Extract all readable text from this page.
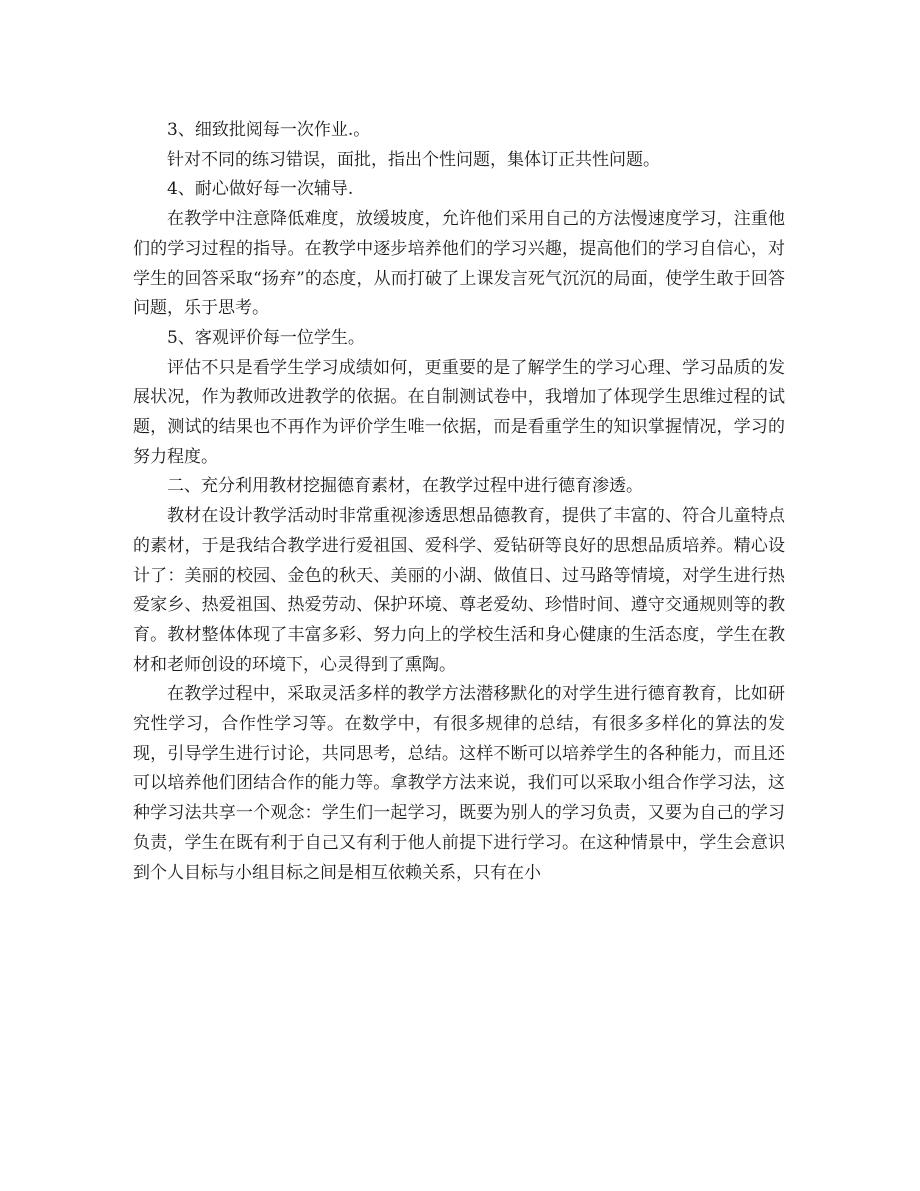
3、细致批阅每一次作业.。

针对不同的练习错误，面批，指出个性问题，集体订正共性问题。

4、耐心做好每一次辅导.

在教学中注意降低难度，放缓坡度，允许他们采用自己的方法慢速度学习，注重他们的学习过程的指导。在教学中逐步培养他们的学习兴趣，提高他们的学习自信心，对学生的回答采取“扬弃”的态度，从而打破了上课发言死气沉沉的局面，使学生敢于回答问题，乐于思考。

5、客观评价每一位学生。

评估不只是看学生学习成绩如何，更重要的是了解学生的学习心理、学习品质的发展状况，作为教师改进教学的依据。在自制测试卷中，我增加了体现学生思维过程的试题，测试的结果也不再作为评价学生唯一依据，而是看重学生的知识掌握情况，学习的努力程度。

二、充分利用教材挖掘德育素材，在教学过程中进行德育渗透。

教材在设计教学活动时非常重视渗透思想品德教育，提供了丰富的、符合儿童特点的素材，于是我结合教学进行爱祖国、爱科学、爱钻研等良好的思想品质培养。精心设计了：美丽的校园、金色的秋天、美丽的小湖、做值日、过马路等情境，对学生进行热爱家乡、热爱祖国、热爱劳动、保护环境、尊老爱幼、珍惜时间、遵守交通规则等的教育。教材整体体现了丰富多彩、努力向上的学校生活和身心健康的生活态度，学生在教材和老师创设的环境下，心灵得到了熏陶。

在教学过程中，采取灵活多样的教学方法潜移默化的对学生进行德育教育，比如研究性学习，合作性学习等。在数学中，有很多规律的总结，有很多多样化的算法的发现，引导学生进行讨论，共同思考，总结。这样不断可以培养学生的各种能力，而且还可以培养他们团结合作的能力等。拿教学方法来说，我们可以采取小组合作学习法，这种学习法共享一个观念：学生们一起学习，既要为别人的学习负责，又要为自己的学习负责，学生在既有利于自己又有利于他人前提下进行学习。在这种情景中，学生会意识到个人目标与小组目标之间是相互依赖关系，只有在小
